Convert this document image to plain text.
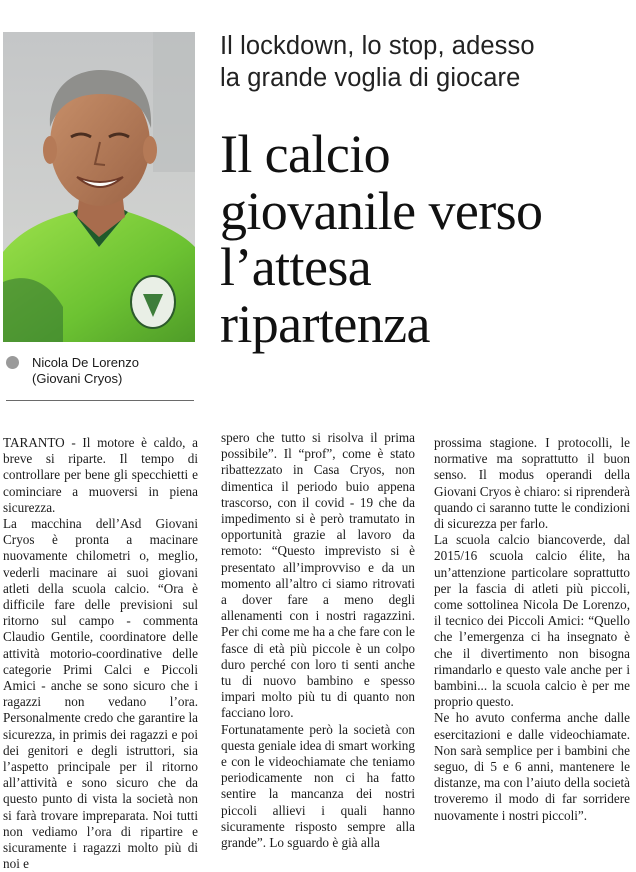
Nicola De Lorenzo
(Giovani Cryos)
Il lockdown, lo stop, adesso
la grande voglia di giocare
Il calcio
giovanile verso
l’attesa
ripartenza

TARANTO - Il motore è caldo, a breve si riparte. Il tempo di controllare per bene gli specchietti e cominciare a muoversi in piena sicurezza.

La macchina dell’Asd Giovani Cryos è pronta a macinare nuovamente chilometri o, meglio, vederli macinare ai suoi giovani atleti della scuola calcio. “Ora è difficile fare delle previsioni sul ritorno sul campo - commenta Claudio Gentile, coordinatore delle attività motorio-coordinative delle categorie Primi Calci e Piccoli Amici - anche se sono sicuro che i ragazzi non vedano l’ora. Personalmente credo che garantire la sicurezza, in primis dei ragazzi e poi dei genitori e degli istruttori, sia l’aspetto principale per il ritorno all’attività e sono sicuro che da questo punto di vista la società non si farà trovare impreparata. Noi tutti non vediamo l’ora di ripartire e sicuramente i ragazzi molto più di noi e

spero che tutto si risolva il prima possibile”. Il “prof”, come è stato ribattezzato in Casa Cryos, non dimentica il periodo buio appena trascorso, con il covid - 19 che da impedimento si è però tramutato in opportunità grazie al lavoro da remoto: “Questo imprevisto si è presentato all’improvviso e da un momento all’altro ci siamo ritrovati a dover fare a meno degli allenamenti con i nostri ragazzini. Per chi come me ha a che fare con le fasce di età più piccole è un colpo duro perché con loro ti senti anche tu di nuovo bambino e spesso impari molto più tu di quanto non facciano loro.

Fortunatamente però la società con questa geniale idea di smart working e con le videochiamate che teniamo periodicamente non ci ha fatto sentire la mancanza dei nostri piccoli allievi i quali hanno sicuramente risposto sempre alla grande”. Lo sguardo è già alla

prossima stagione. I protocolli, le normative ma soprattutto il buon senso. Il modus operandi della Giovani Cryos è chiaro: si riprenderà quando ci saranno tutte le condizioni di sicurezza per farlo.

La scuola calcio biancoverde, dal 2015/16 scuola calcio élite, ha un’attenzione particolare soprattutto per la fascia di atleti più piccoli, come sottolinea Nicola De Lorenzo, il tecnico dei Piccoli Amici: “Quello che l’emergenza ci ha insegnato è che il divertimento non bisogna rimandarlo e questo vale anche per i bambini... la scuola calcio è per me proprio questo.

Ne ho avuto conferma anche dalle esercitazioni e dalle videochiamate. Non sarà semplice per i bambini che seguo, di 5 e 6 anni, mantenere le distanze, ma con l’aiuto della società troveremo il modo di far sorridere nuovamente i nostri piccoli”.
